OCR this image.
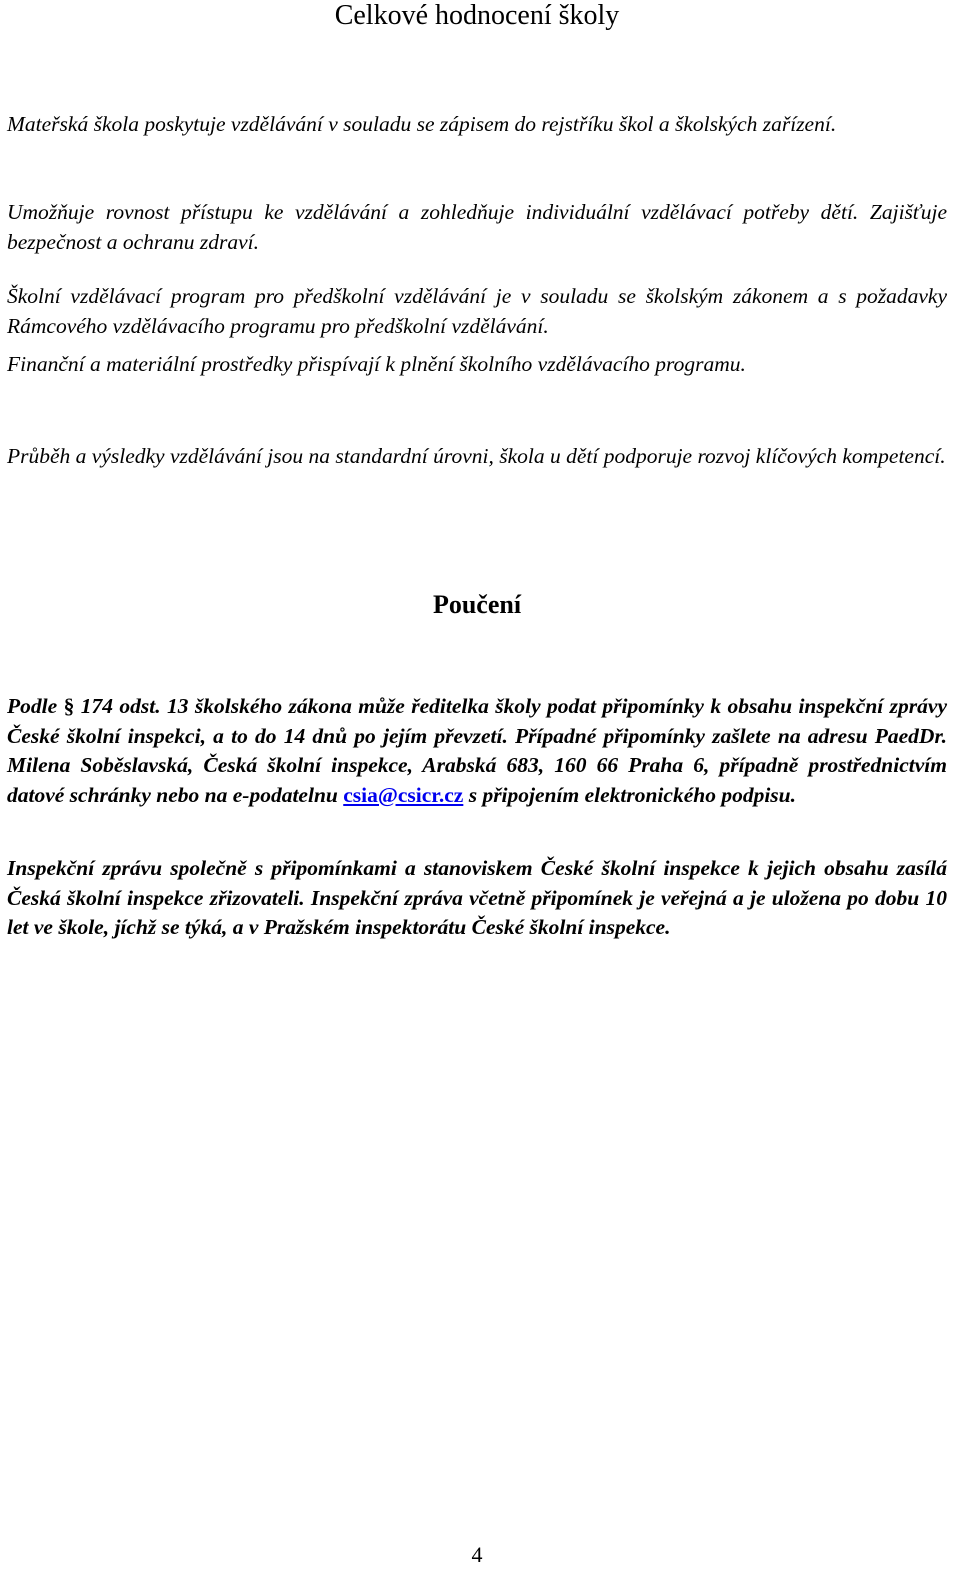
Celkové hodnocení školy

Mateřská škola poskytuje vzdělávání v souladu se zápisem do rejstříku škol a školských zařízení.

Umožňuje rovnost přístupu ke vzdělávání a zohledňuje individuální vzdělávací potřeby dětí. Zajišťuje bezpečnost a ochranu zdraví.

Školní vzdělávací program pro předškolní vzdělávání je v souladu se školským zákonem a s požadavky Rámcového vzdělávacího programu pro předškolní vzdělávání.

Finanční a materiální prostředky přispívají k plnění školního vzdělávacího programu.

Průběh a výsledky vzdělávání jsou na standardní úrovni, škola u dětí podporuje rozvoj klíčových kompetencí.

Poučení

Podle § 174 odst. 13 školského zákona může ředitelka školy podat připomínky k obsahu inspekční zprávy České školní inspekci, a to do 14 dnů po jejím převzetí. Případné připomínky zašlete na adresu PaedDr. Milena Soběslavská, Česká školní inspekce, Arabská 683, 160 66 Praha 6, případně prostřednictvím datové schránky nebo na e-podatelnu csia@csicr.cz s připojením elektronického podpisu.

Inspekční zprávu společně s připomínkami a stanoviskem České školní inspekce k jejich obsahu zasílá Česká školní inspekce zřizovateli. Inspekční zpráva včetně připomínek je veřejná a je uložena po dobu 10 let ve škole, jíchž se týká, a v Pražském inspektorátu České školní inspekce.

4
